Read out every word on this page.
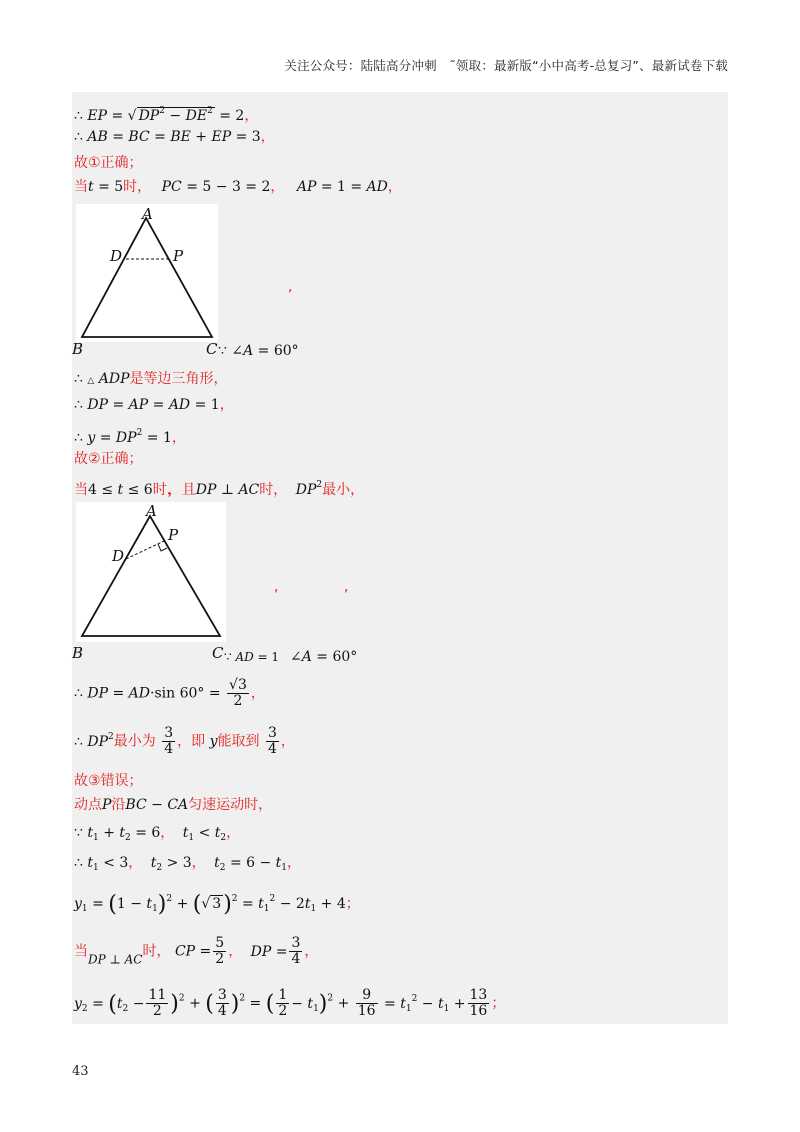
关注公众号：陆陆高分冲刺　˜领取：最新版“小中高考-总复习”、最新试卷下载
∴ EP = √ $DP^2 - DE^2 = 2$，
∴ AB = BC = BE + EP = 3，
故①正确；
当t = 5时， PC = 5 − 3 = 2， AP = 1 = AD，
A
D	P
B	C ∵ ∠A = 60°
,
∴ △ ADP是等边三角形，
∴ DP = AP = AD = 1，
∴ $y = DP^2 = 1$，
故②正确；
当4 ≤ t ≤ 6时，，且DP ⊥ AC时， $DP^2$最小，
A
D
P
B	C ∵ AD = 1 ∠A = 60°
,	,
∴ DP = AD·sin $60^\circ = \frac{√3}{2}$ ，
∴ $DP^2$最小为 $\frac{3}{4}$ ，即 y能取到 $\frac{3}{4}$ ，
故③错误；
动点P沿BC − CA匀速运动时，
∵ $t_1 + t_2 = 6$， $t_1 < t_2$，
∴ $t_1 < 3$， $t_2 > 3$， $t_2 = 6 - t_1$，
$y_1 = (1 - t_1)^2$ + (√ $3)^2 = t_1^2 - 2t_1 + 4$；
当DP ⊥ AC时， CP = $\frac{5}{2}$ ， DP = $\frac{3}{4}$ ，
$y_2 = (t_2 - \frac{11}{2} )^2$ + ( $\frac{3}{4} )^2$ = ( $\frac{1}{2} - t_1)^2 + \frac{9}{16} = t_1^2 - t_1 + \frac{13}{16}$ ；
43
